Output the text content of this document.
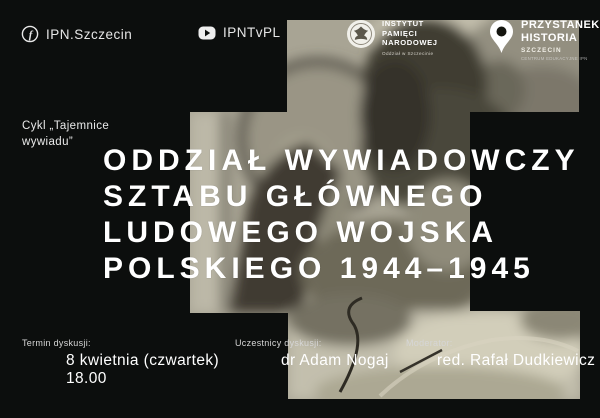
f IPN.Szczecin	IPNTvPL
INSTYTUT
PAMIĘCI
NARODOWEJ
Oddział w Szczecinie
PRZYSTANEK
HISTORIA
SZCZECIN
CENTRUM EDUKACYJNE IPN
Cykl „Tajemnice
wywiadu”
ODDZIAŁ WYWIADOWCZY
SZTABU GŁÓWNEGO
LUDOWEGO WOJSKA
POLSKIEGO 1944–1945
Termin dyskusji:
8 kwietnia (czwartek)
18.00
Uczestnicy dyskusji:
dr Adam Nogaj
Moderator:
red. Rafał Dudkiewicz
